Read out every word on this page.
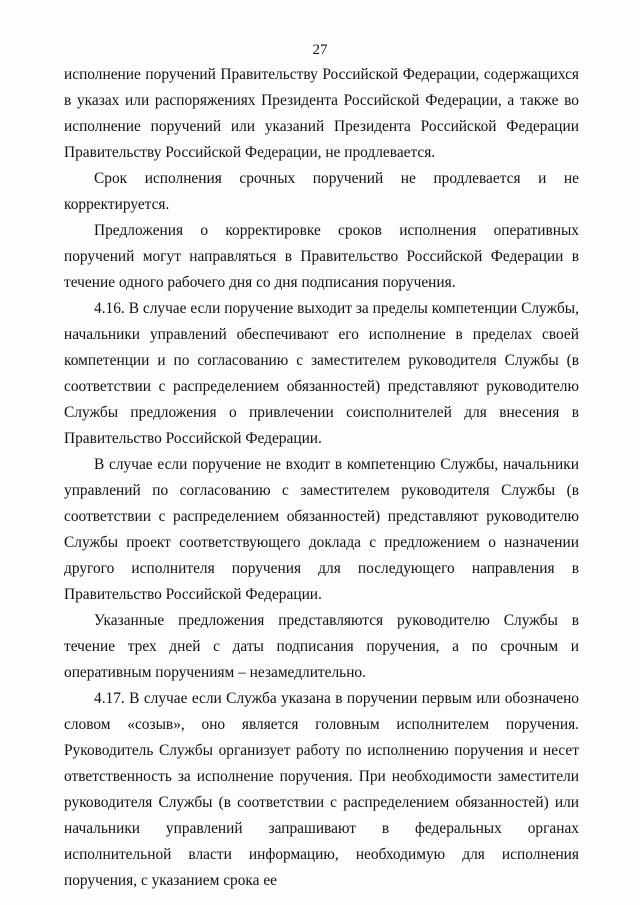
27

исполнение поручений Правительству Российской Федерации, содержащихся в указах или распоряжениях Президента Российской Федерации, а также во исполнение поручений или указаний Президента Российской Федерации Правительству Российской Федерации, не продлевается.

Срок исполнения срочных поручений не продлевается и не корректируется.

Предложения о корректировке сроков исполнения оперативных поручений могут направляться в Правительство Российской Федерации в течение одного рабочего дня со дня подписания поручения.

4.16. В случае если поручение выходит за пределы компетенции Службы, начальники управлений обеспечивают его исполнение в пределах своей компетенции и по согласованию с заместителем руководителя Службы (в соответствии с распределением обязанностей) представляют руководителю Службы предложения о привлечении соисполнителей для внесения в Правительство Российской Федерации.

В случае если поручение не входит в компетенцию Службы, начальники управлений по согласованию с заместителем руководителя Службы (в соответствии с распределением обязанностей) представляют руководителю Службы проект соответствующего доклада с предложением о назначении другого исполнителя поручения для последующего направления в Правительство Российской Федерации.

Указанные предложения представляются руководителю Службы в течение трех дней с даты подписания поручения, а по срочным и оперативным поручениям – незамедлительно.

4.17. В случае если Служба указана в поручении первым или обозначено словом «созыв», оно является головным исполнителем поручения. Руководитель Службы организует работу по исполнению поручения и несет ответственность за исполнение поручения. При необходимости заместители руководителя Службы (в соответствии с распределением обязанностей) или начальники управлений запрашивают в федеральных органах исполнительной власти информацию, необходимую для исполнения поручения, с указанием срока ее
